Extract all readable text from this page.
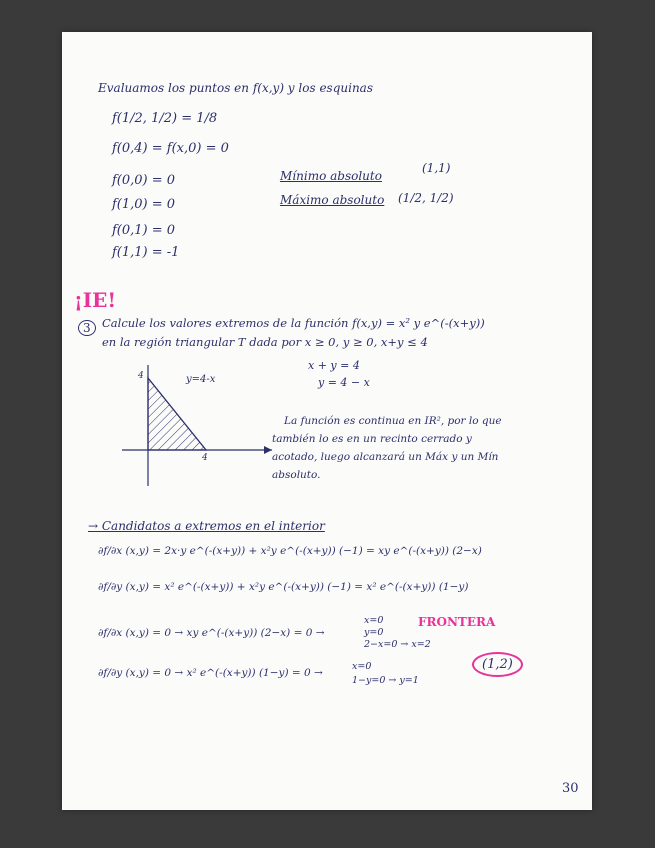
Evaluamos los puntos en f(x,y) y los esquinas
f(1/2, 1/2) = 1/8
f(0,4) = f(x,0) = 0
f(0,0) = 0
f(1,0) = 0
f(0,1) = 0
f(1,1) = -1
Mínimo absoluto
(1,1)
Máximo absoluto (1/2, 1/2)
¡IE!
3 Calcule los valores extremos de la función f(x,y) = x² y e^(-(x+y))
en la región triangular T dada por x ≥ 0, y ≥ 0, x+y ≤ 4
x + y = 4
y = 4 − x
y=4-x
4
4
La función es continua en IR², por lo que
también lo es en un recinto cerrado y
acotado, luego alcanzará un Máx y un Mín
absoluto.
→ Candidatos a extremos en el interior
∂f/∂x (x,y) = 2x·y e^(-(x+y)) + x²y e^(-(x+y)) (−1) = xy e^(-(x+y)) (2−x)
∂f/∂y (x,y) = x² e^(-(x+y)) + x²y e^(-(x+y)) (−1) = x² e^(-(x+y)) (1−y)
∂f/∂x (x,y) = 0 → xy e^(-(x+y)) (2−x) = 0 →
x=0
y=0
2−x=0 → x=2
FRONTERA
∂f/∂y (x,y) = 0 → x² e^(-(x+y)) (1−y) = 0 →
x=0
1−y=0 → y=1
(1,2)
30
